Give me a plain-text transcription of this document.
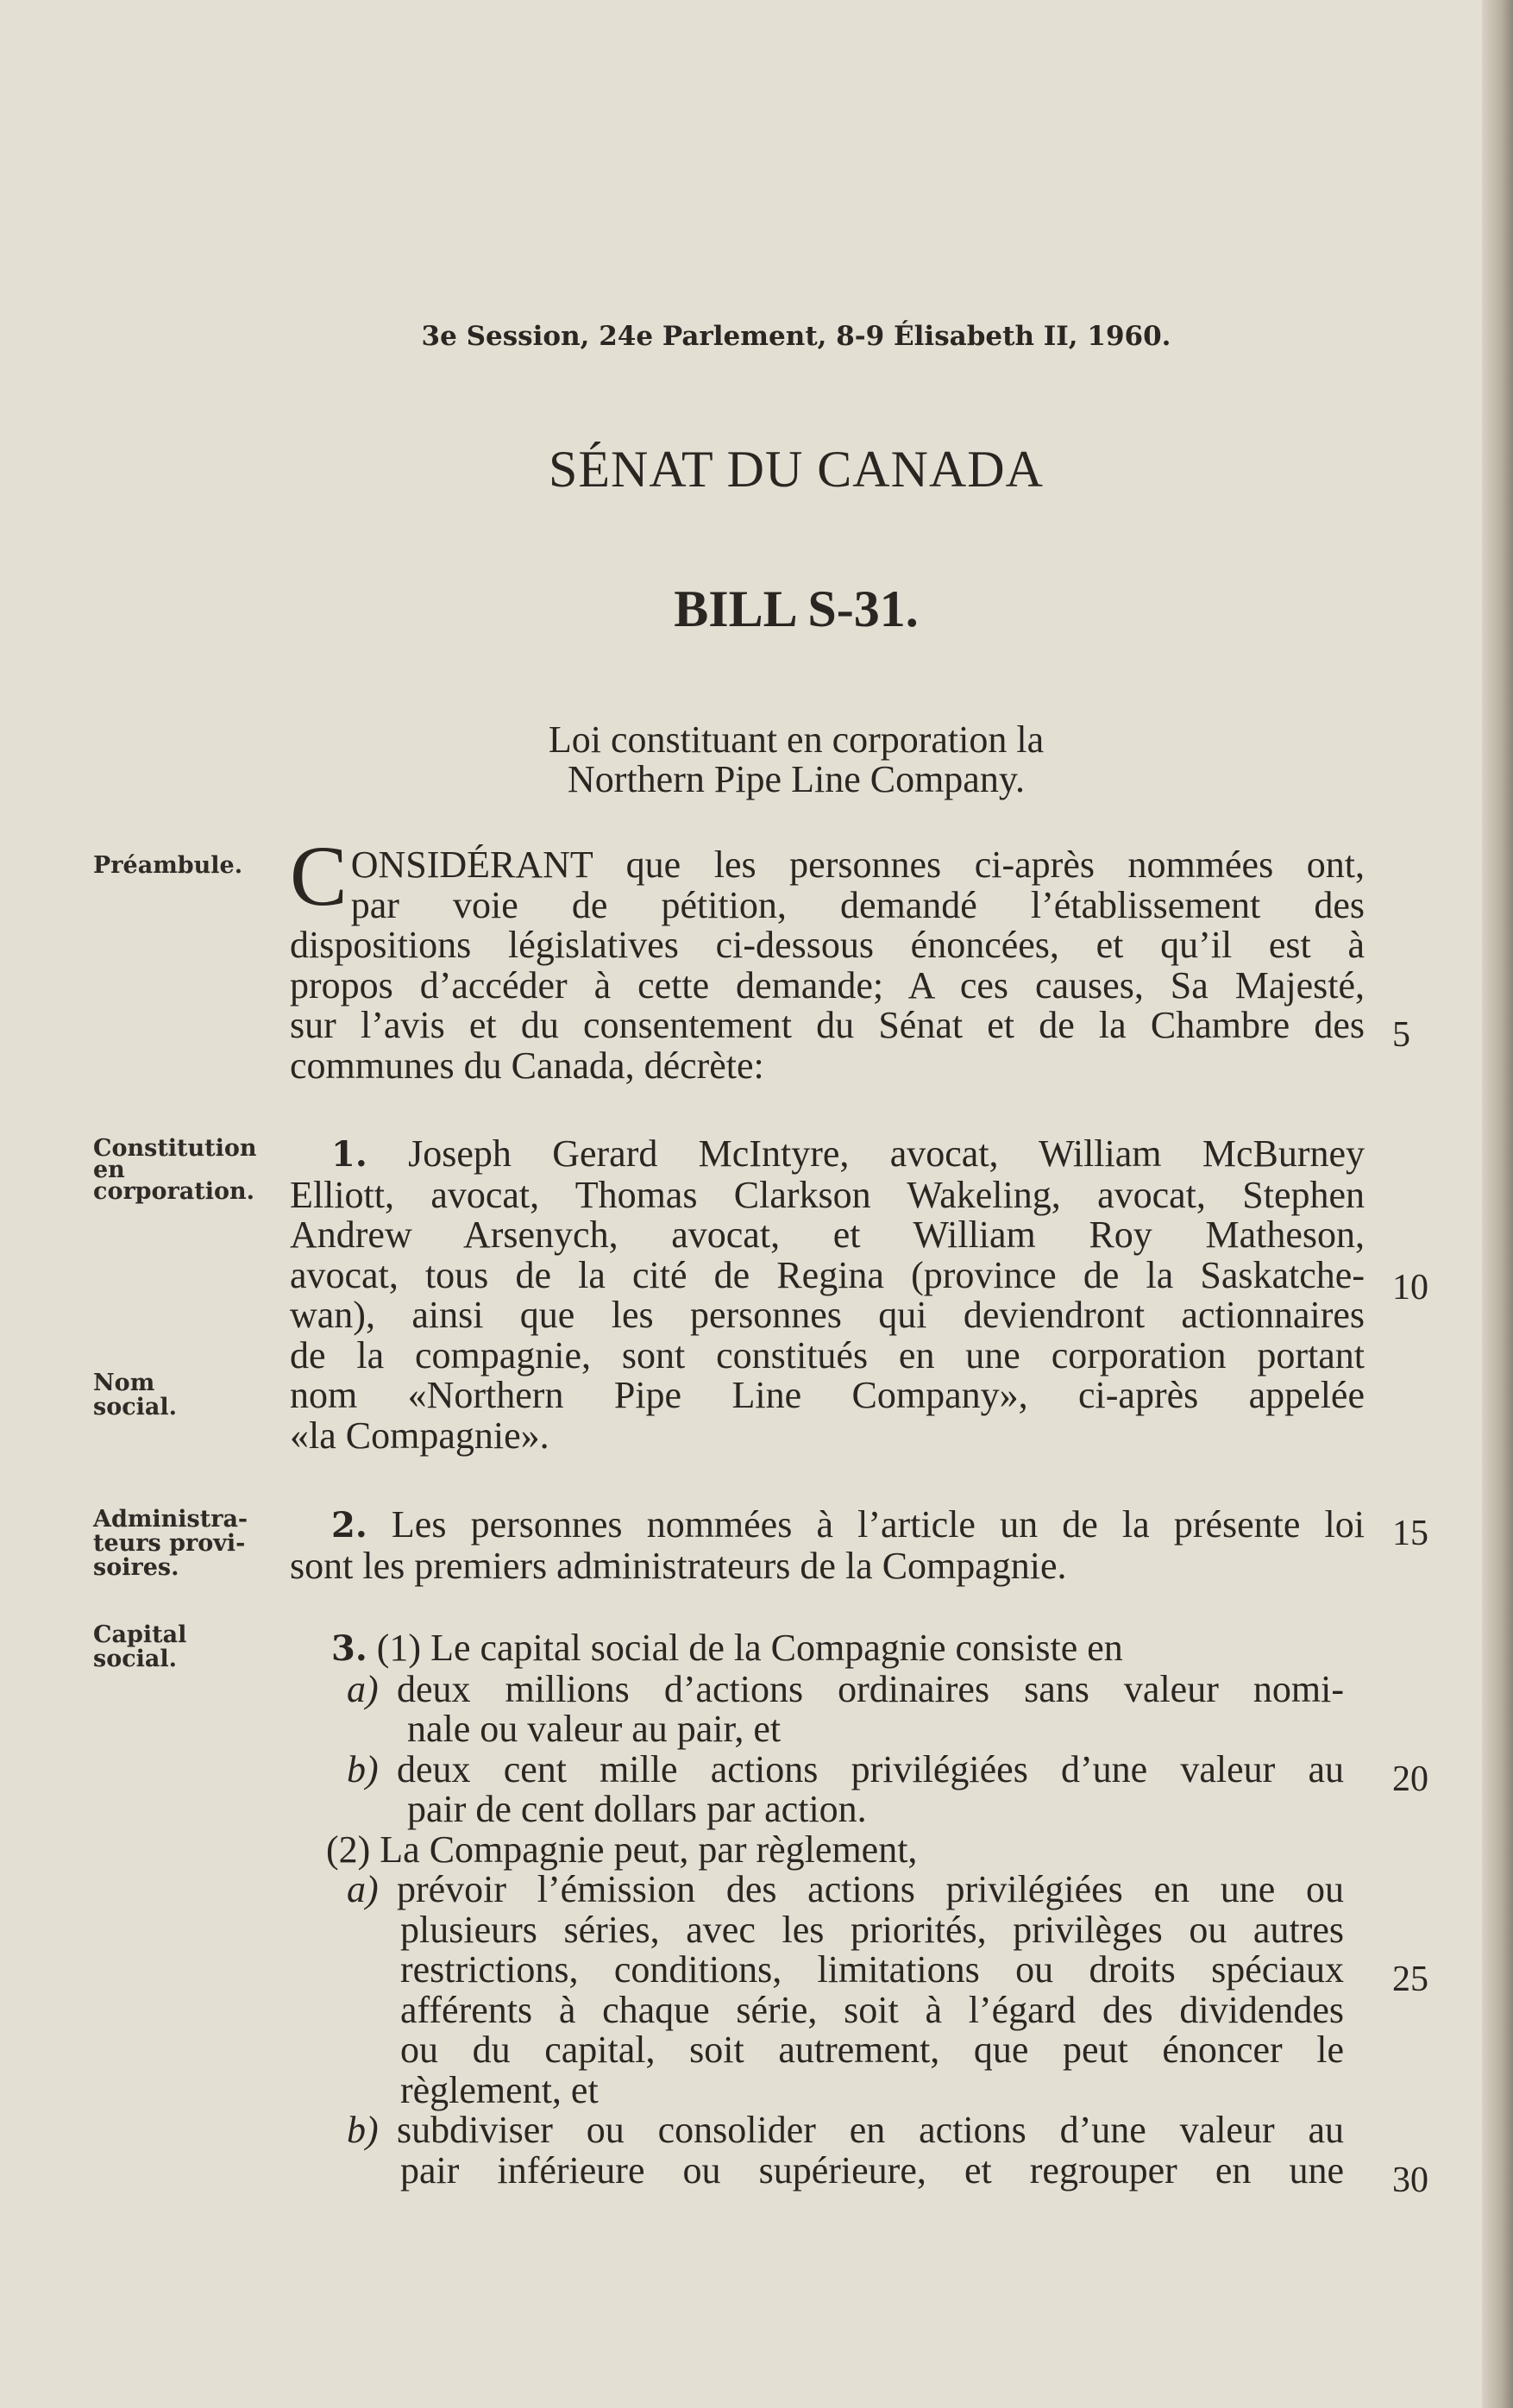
3e Session, 24e Parlement, 8-9 Élisabeth II, 1960.
SÉNAT DU CANADA
BILL S-31.
Loi constituant en corporation la
Northern Pipe Line Company.
Préambule.
Constitution
en
corporation.
Nom
social.
Administra-
teurs provi-
soires.
Capital
social.
C ONSIDÉRANT que les personnes ci-après nommées ont,
par voie de pétition, demandé l’établissement des
dispositions législatives ci-dessous énoncées, et qu’il est à
propos d’accéder à cette demande; A ces causes, Sa Majesté,
sur l’avis et du consentement du Sénat et de la Chambre des
communes du Canada, décrète:
1. Joseph Gerard McIntyre, avocat, William McBurney
Elliott, avocat, Thomas Clarkson Wakeling, avocat, Stephen
Andrew Arsenych, avocat, et William Roy Matheson,
avocat, tous de la cité de Regina (province de la Saskatche-
wan), ainsi que les personnes qui deviendront actionnaires
de la compagnie, sont constitués en une corporation portant
nom «Northern Pipe Line Company», ci-après appelée
«la Compagnie».
2. Les personnes nommées à l’article un de la présente loi
sont les premiers administrateurs de la Compagnie.
3. (1) Le capital social de la Compagnie consiste en
a) deux millions d’actions ordinaires sans valeur nomi-
nale ou valeur au pair, et
b) deux cent mille actions privilégiées d’une valeur au
pair de cent dollars par action.
(2) La Compagnie peut, par règlement,
a) prévoir l’émission des actions privilégiées en une ou
plusieurs séries, avec les priorités, privilèges ou autres
restrictions, conditions, limitations ou droits spéciaux
afférents à chaque série, soit à l’égard des dividendes
ou du capital, soit autrement, que peut énoncer le
règlement, et
b) subdiviser ou consolider en actions d’une valeur au
pair inférieure ou supérieure, et regrouper en une
5
10
15
20
25
30
